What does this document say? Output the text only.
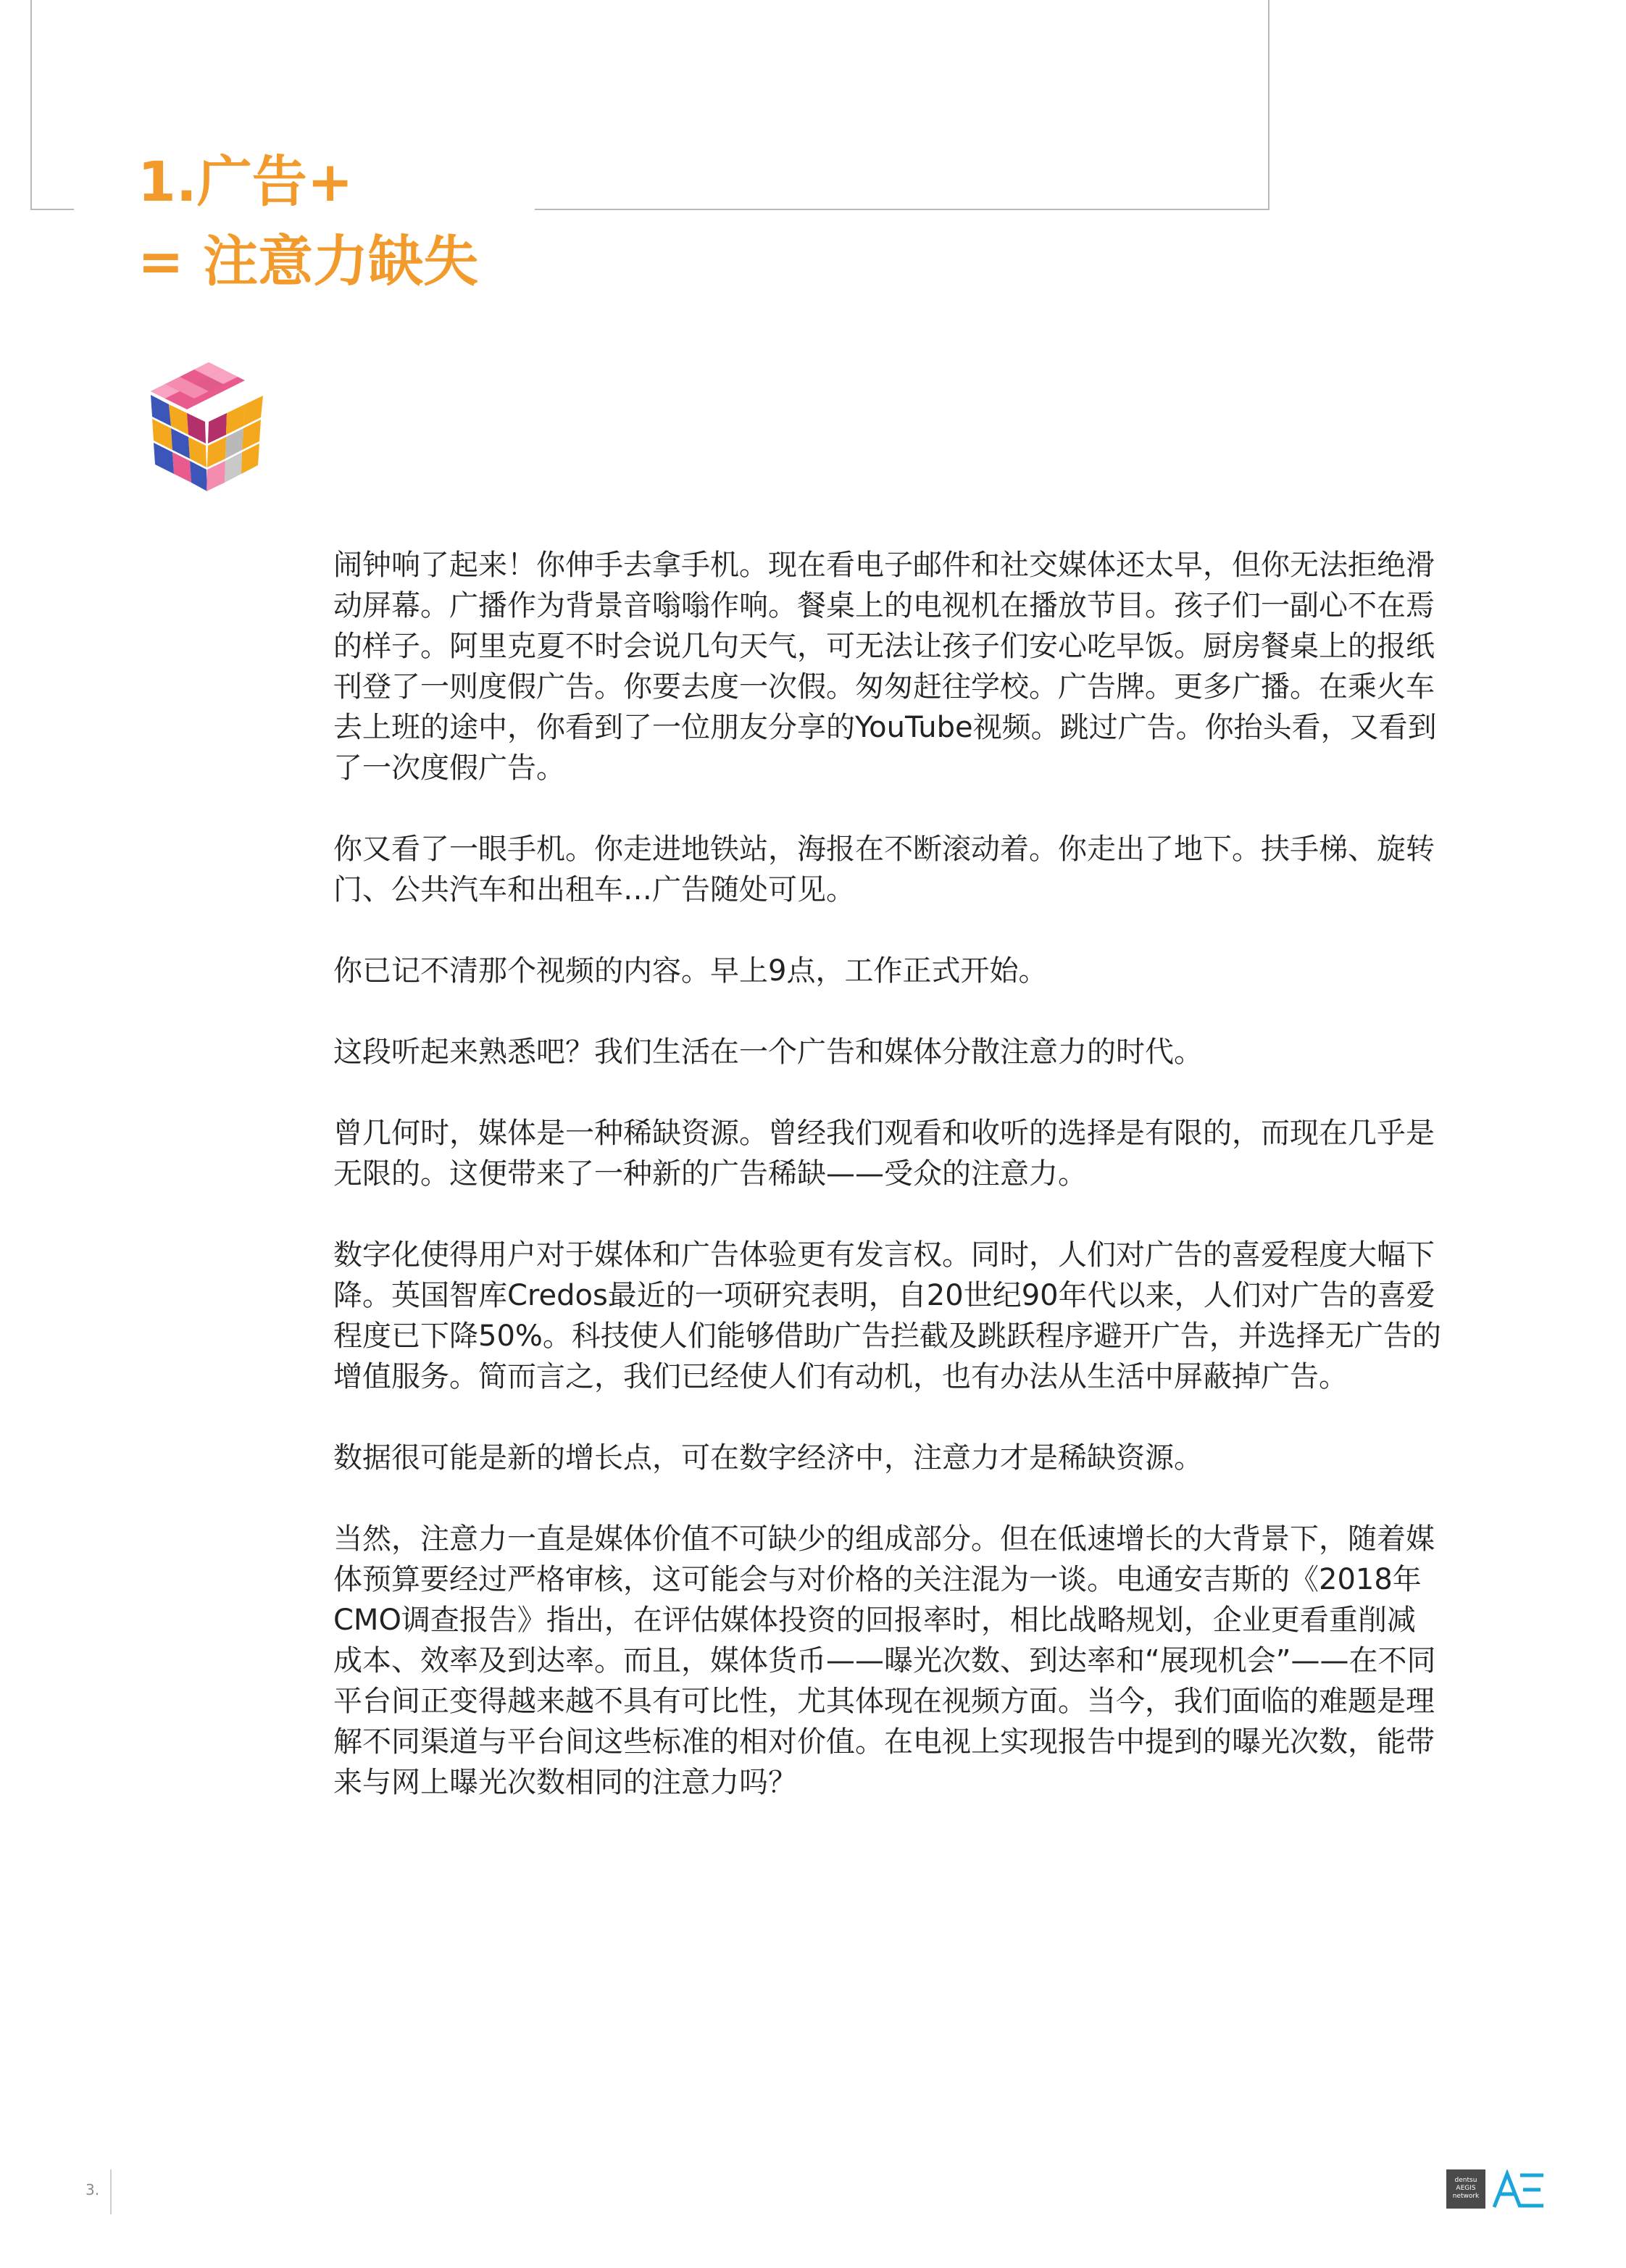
1.广告+
= 注意力缺失

闹钟响了起来！你伸手去拿手机。现在看电子邮件和社交媒体还太早，但你无法拒绝滑动屏幕。广播作为背景音嗡嗡作响。餐桌上的电视机在播放节目。孩子们一副心不在焉的样子。阿里克夏不时会说几句天气，可无法让孩子们安心吃早饭。厨房餐桌上的报纸刊登了一则度假广告。你要去度一次假。匆匆赶往学校。广告牌。更多广播。在乘火车去上班的途中，你看到了一位朋友分享的YouTube视频。跳过广告。你抬头看，又看到了一次度假广告。

你又看了一眼手机。你走进地铁站，海报在不断滚动着。你走出了地下。扶手梯、旋转门、公共汽车和出租车…广告随处可见。

你已记不清那个视频的内容。早上9点，工作正式开始。

这段听起来熟悉吧？我们生活在一个广告和媒体分散注意力的时代。

曾几何时，媒体是一种稀缺资源。曾经我们观看和收听的选择是有限的，而现在几乎是无限的。这便带来了一种新的广告稀缺——受众的注意力。

数字化使得用户对于媒体和广告体验更有发言权。同时，人们对广告的喜爱程度大幅下降。英国智库Credos最近的一项研究表明，自20世纪90年代以来，人们对广告的喜爱程度已下降50%。科技使人们能够借助广告拦截及跳跃程序避开广告，并选择无广告的增值服务。简而言之，我们已经使人们有动机，也有办法从生活中屏蔽掉广告。

数据很可能是新的增长点，可在数字经济中，注意力才是稀缺资源。

当然，注意力一直是媒体价值不可缺少的组成部分。但在低速增长的大背景下，随着媒体预算要经过严格审核，这可能会与对价格的关注混为一谈。电通安吉斯的《2018年CMO调查报告》指出，在评估媒体投资的回报率时，相比战略规划，企业更看重削减成本、效率及到达率。而且，媒体货币——曝光次数、到达率和“展现机会”——在不同平台间正变得越来越不具有可比性，尤其体现在视频方面。当今，我们面临的难题是理解不同渠道与平台间这些标准的相对价值。在电视上实现报告中提到的曝光次数，能带来与网上曝光次数相同的注意力吗？

3.
dentsu
AEGIS
network
